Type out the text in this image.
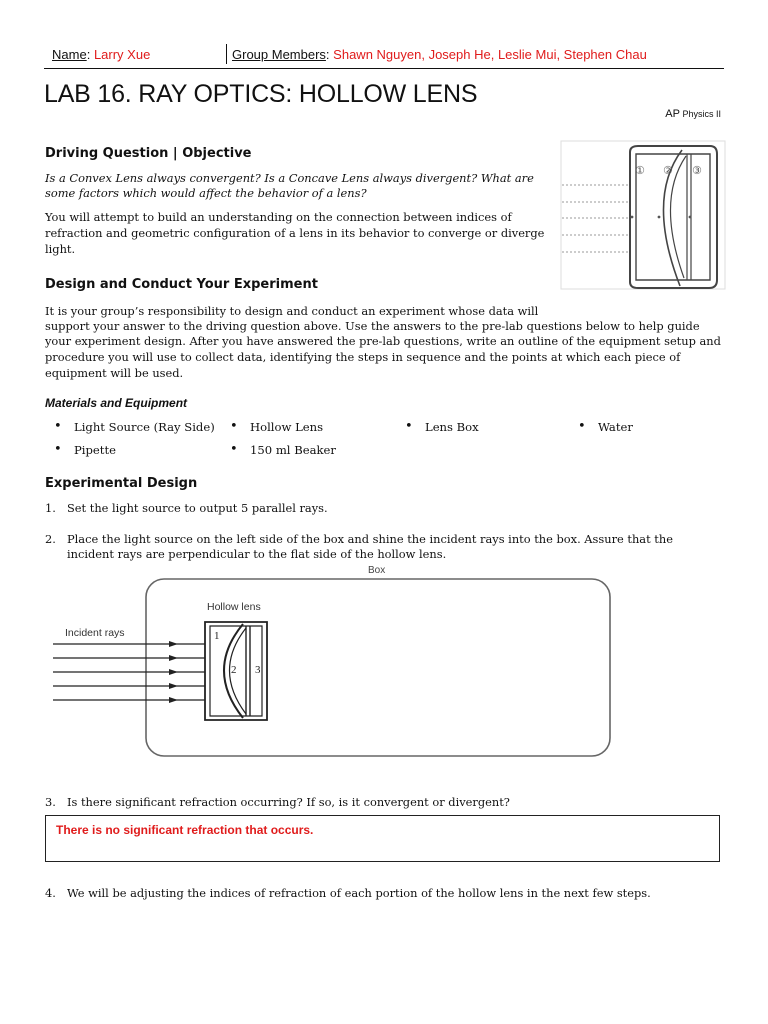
Name: Larry Xue	Group Members: Shawn Nguyen, Joseph He, Leslie Mui, Stephen Chau
LAB 16. RAY OPTICS: HOLLOW LENS
AP Physics II
① ② ③
Driving Question | Objective

Is a Convex Lens always convergent? Is a Concave Lens always divergent? What are

some factors which would affect the behavior of a lens?

You will attempt to build an understanding on the connection between indices of

refraction and geometric configuration of a lens in its behavior to converge or diverge

light.

Design and Conduct Your Experiment

It is your group’s responsibility to design and conduct an experiment whose data will

support your answer to the driving question above. Use the answers to the pre-lab questions below to help guide

your experiment design. After you have answered the pre-lab questions, write an outline of the equipment setup and

procedure you will use to collect data, identifying the steps in sequence and the points at which each piece of

equipment will be used.

Materials and Equipment
• Light Source (Ray Side)	• Hollow Lens	• Lens Box	• Water
• Pipette	• 150 ml Beaker
Experimental Design
1. Set the light source to output 5 parallel rays.

2. Place the light source on the left side of the box and shine the incident rays into the box. Assure that the

incident rays are perpendicular to the flat side of the hollow lens.

Box
Hollow lens
Incident rays	1
2 3
3. Is there significant refraction occurring? If so, is it convergent or divergent?

There is no significant refraction that occurs.
4. We will be adjusting the indices of refraction of each portion of the hollow lens in the next few steps.
